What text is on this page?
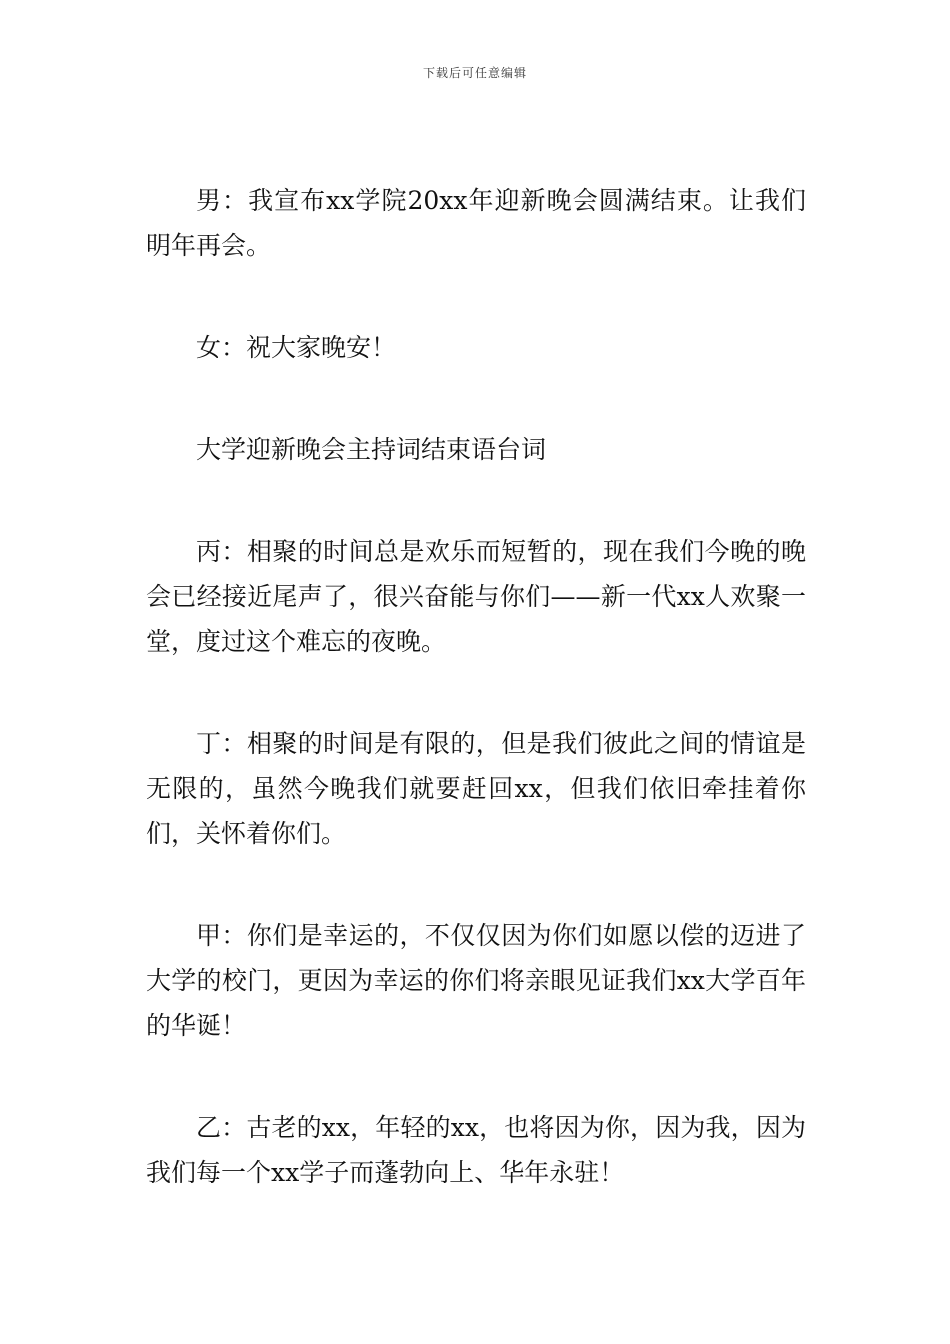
下载后可任意编辑

男：我宣布xx学院20xx年迎新晚会圆满结束。让我们明年再会。

女：祝大家晚安！

大学迎新晚会主持词结束语台词

丙：相聚的时间总是欢乐而短暂的，现在我们今晚的晚会已经接近尾声了，很兴奋能与你们——新一代xx人欢聚一堂，度过这个难忘的夜晚。

丁：相聚的时间是有限的，但是我们彼此之间的情谊是无限的，虽然今晚我们就要赶回xx，但我们依旧牵挂着你们，关怀着你们。

甲：你们是幸运的，不仅仅因为你们如愿以偿的迈进了大学的校门，更因为幸运的你们将亲眼见证我们xx大学百年的华诞！

乙：古老的xx，年轻的xx，也将因为你，因为我，因为我们每一个xx学子而蓬勃向上、华年永驻！
